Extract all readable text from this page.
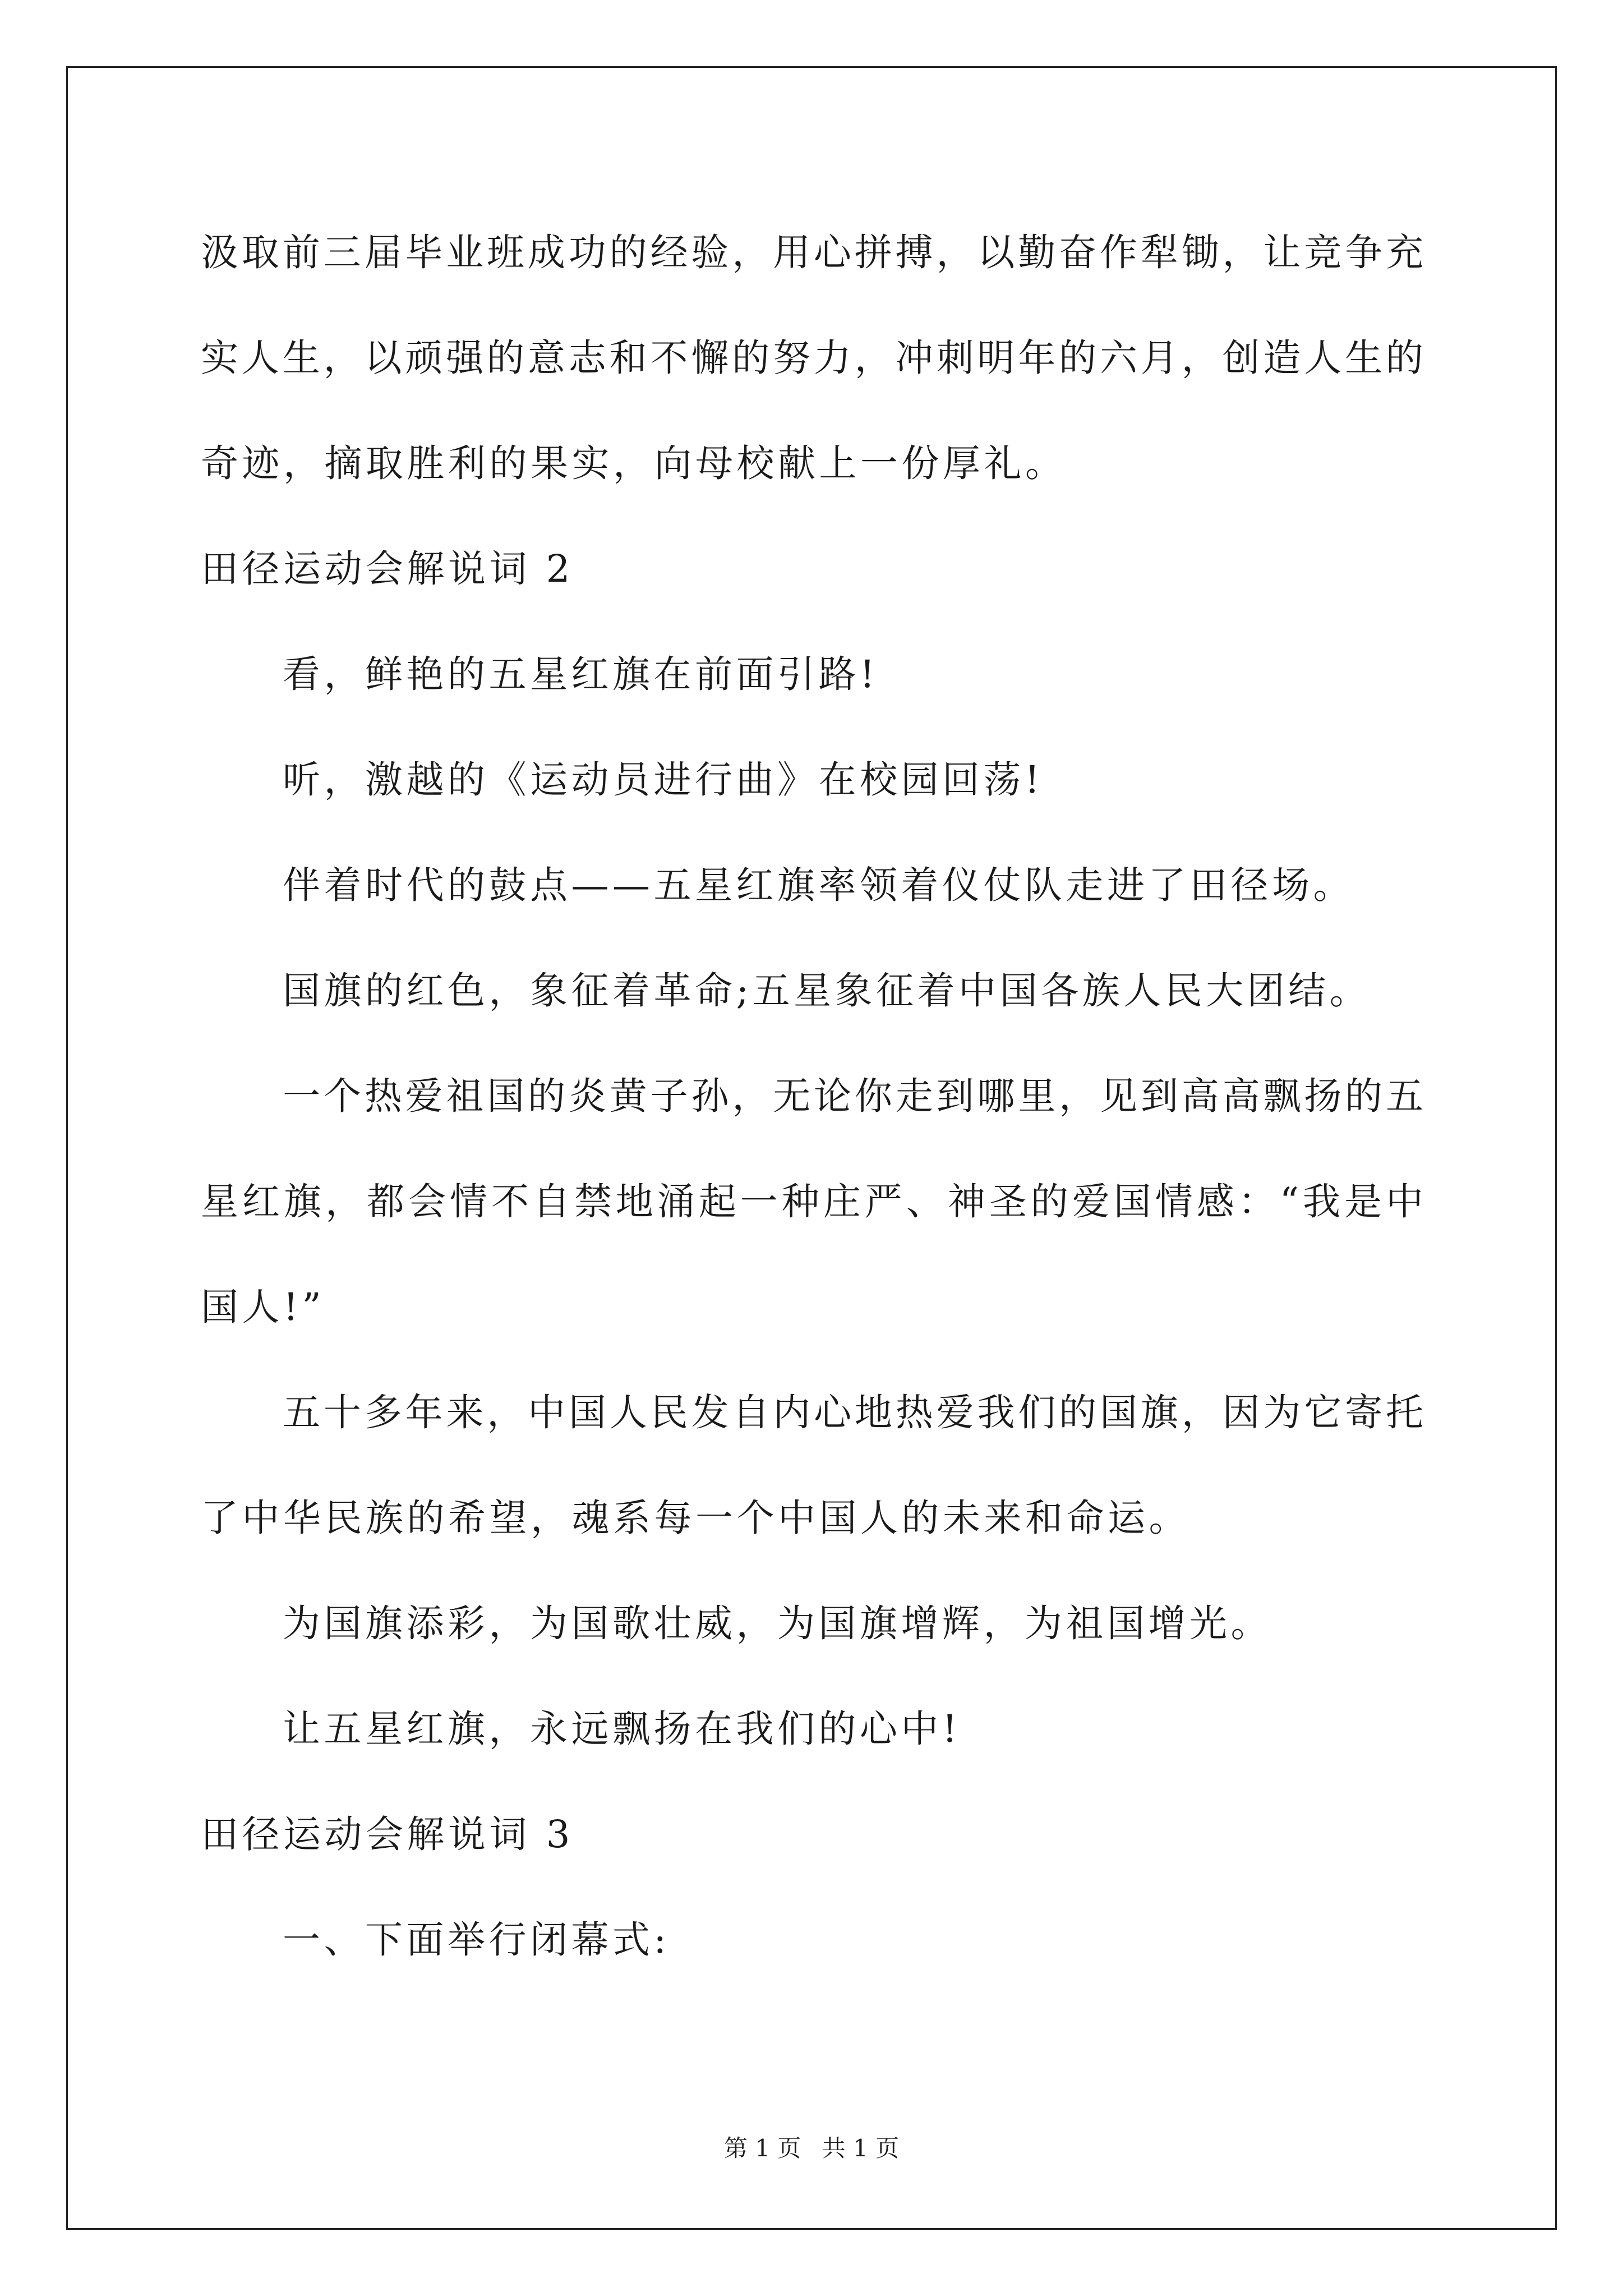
汲取前三届毕业班成功的经验，用心拼搏，以勤奋作犁锄，让竞争充
实人生，以顽强的意志和不懈的努力，冲刺明年的六月，创造人生的
奇迹，摘取胜利的果实，向母校献上一份厚礼。
田径运动会解说词 2
看，鲜艳的五星红旗在前面引路!
听，激越的《运动员进行曲》在校园回荡!
伴着时代的鼓点——五星红旗率领着仪仗队走进了田径场。
国旗的红色，象征着革命;五星象征着中国各族人民大团结。
一个热爱祖国的炎黄子孙，无论你走到哪里，见到高高飘扬的五
星红旗，都会情不自禁地涌起一种庄严、神圣的爱国情感：“我是中
国人!”
五十多年来，中国人民发自内心地热爱我们的国旗，因为它寄托
了中华民族的希望，魂系每一个中国人的未来和命运。
为国旗添彩，为国歌壮威，为国旗增辉，为祖国增光。
让五星红旗，永远飘扬在我们的心中!
田径运动会解说词 3
一、下面举行闭幕式:
第 1 页 共 1 页
